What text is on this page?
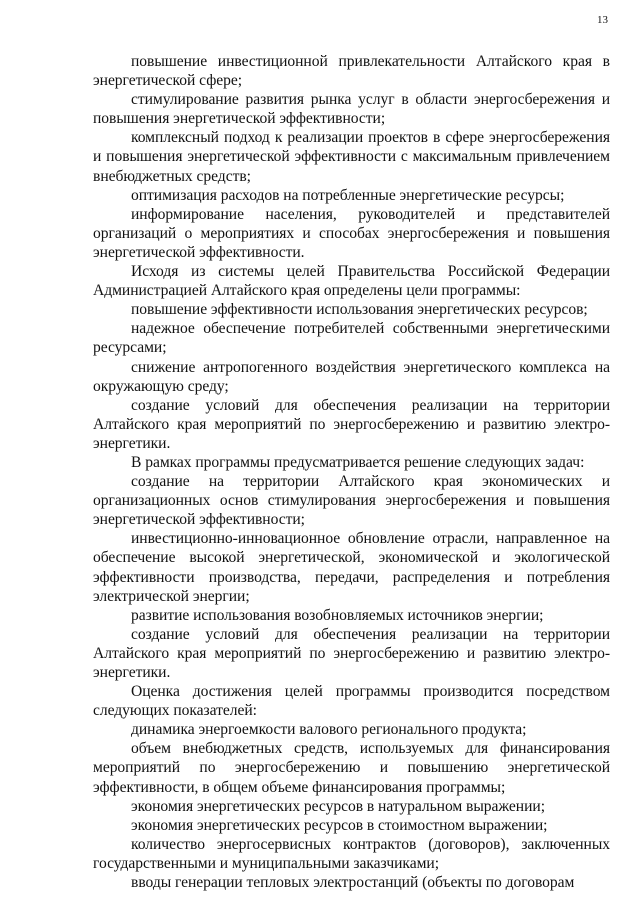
13

повышение инвестиционной привлекательности Алтайского края в энергетической сфере;

стимулирование развития рынка услуг в области энергосбережения и повышения энергетической эффективности;

комплексный подход к реализации проектов в сфере энергосбережения и повышения энергетической эффективности с максимальным привлечением внебюджетных средств;

оптимизация расходов на потребленные энергетические ресурсы;

информирование населения, руководителей и представителей организаций о мероприятиях и способах энергосбережения и повышения энергетической эффективности.

Исходя из системы целей Правительства Российской Федерации Администрацией Алтайского края определены цели программы:

повышение эффективности использования энергетических ресурсов;

надежное обеспечение потребителей собственными энергетическими ресурсами;

снижение антропогенного воздействия энергетического комплекса на окружающую среду;

создание условий для обеспечения реализации на территории Алтайского края мероприятий по энергосбережению и развитию электро-энергетики.

В рамках программы предусматривается решение следующих задач:

создание на территории Алтайского края экономических и организационных основ стимулирования энергосбережения и повышения энергетической эффективности;

инвестиционно-инновационное обновление отрасли, направленное на обеспечение высокой энергетической, экономической и экологической эффективности производства, передачи, распределения и потребления электрической энергии;

развитие использования возобновляемых источников энергии;

создание условий для обеспечения реализации на территории Алтайского края мероприятий по энергосбережению и развитию электро-энергетики.

Оценка достижения целей программы производится посредством следующих показателей:

динамика энергоемкости валового регионального продукта;

объем внебюджетных средств, используемых для финансирования мероприятий по энергосбережению и повышению энергетической эффективности, в общем объеме финансирования программы;

экономия энергетических ресурсов в натуральном выражении;

экономия энергетических ресурсов в стоимостном выражении;

количество энергосервисных контрактов (договоров), заключенных государственными и муниципальными заказчиками;

вводы генерации тепловых электростанций (объекты по договорам
